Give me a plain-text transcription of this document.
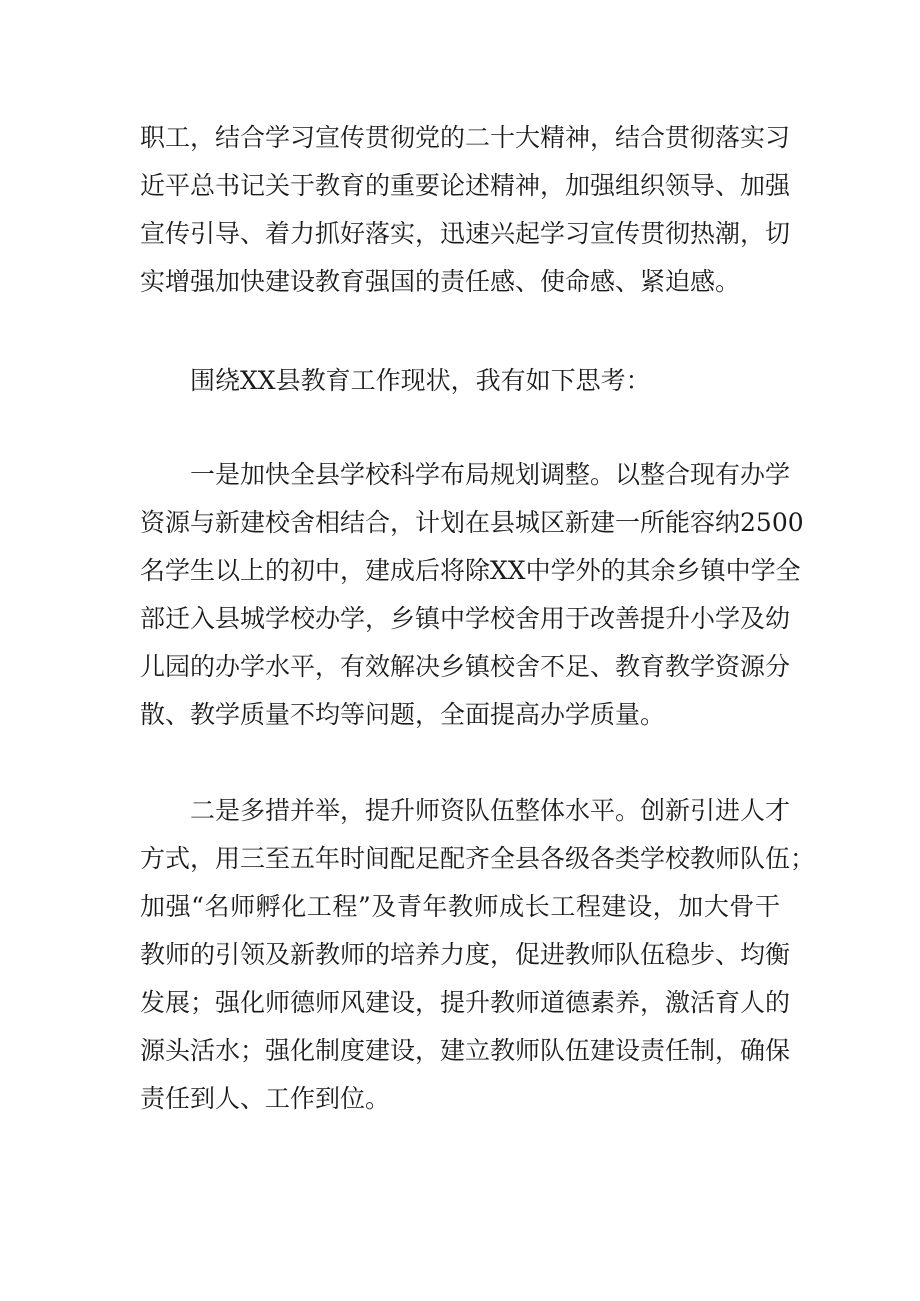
职工，结合学习宣传贯彻党的二十大精神，结合贯彻落实习
近平总书记关于教育的重要论述精神，加强组织领导、加强
宣传引导、着力抓好落实，迅速兴起学习宣传贯彻热潮，切
实增强加快建设教育强国的责任感、使命感、紧迫感。
围绕XX县教育工作现状，我有如下思考：
一是加快全县学校科学布局规划调整。以整合现有办学
资源与新建校舍相结合，计划在县城区新建一所能容纳2500
名学生以上的初中，建成后将除XX中学外的其余乡镇中学全
部迁入县城学校办学，乡镇中学校舍用于改善提升小学及幼
儿园的办学水平，有效解决乡镇校舍不足、教育教学资源分
散、教学质量不均等问题，全面提高办学质量。
二是多措并举，提升师资队伍整体水平。创新引进人才
方式，用三至五年时间配足配齐全县各级各类学校教师队伍；
加强“名师孵化工程”及青年教师成长工程建设，加大骨干
教师的引领及新教师的培养力度，促进教师队伍稳步、均衡
发展；强化师德师风建设，提升教师道德素养，激活育人的
源头活水；强化制度建设，建立教师队伍建设责任制，确保
责任到人、工作到位。
